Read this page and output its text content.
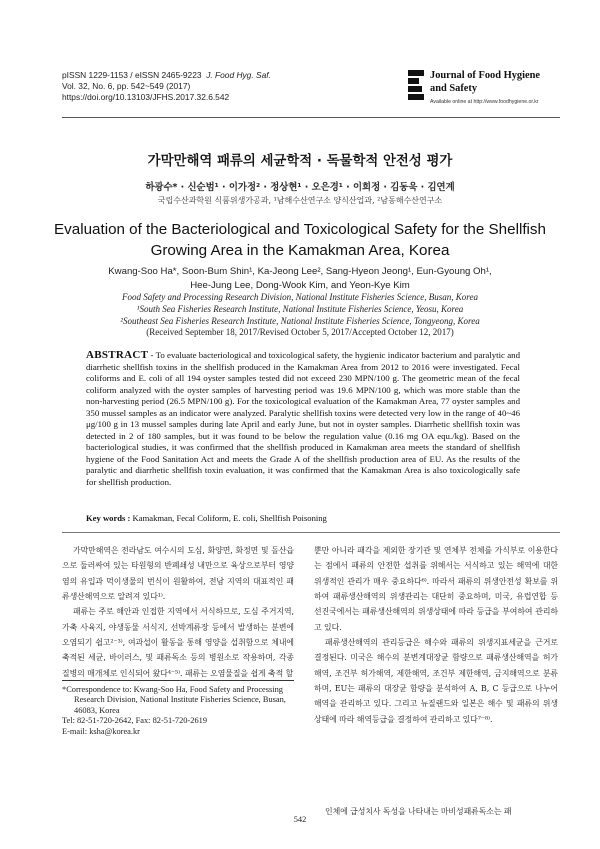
pISSN 1229-1153 / eISSN 2465-9223 J. Food Hyg. Saf.
Vol. 32, No. 6, pp. 542~549 (2017)
https://doi.org/10.13103/JFHS.2017.32.6.542
Journal of Food Hygiene
and Safety
Available online at http://www.foodhygiene.or.kr
가막만해역 패류의 세균학적 · 독물학적 안전성 평가
하광수* · 신순범¹ · 이가정² · 정상현¹ · 오은경¹ · 이희정 · 김동욱 · 김연계
국립수산과학원 식품위생가공과, ¹남해수산연구소 양식산업과, ²남동해수산연구소
Evaluation of the Bacteriological and Toxicological Safety for the Shellfish
Growing Area in the Kamakman Area, Korea
Kwang-Soo Ha*, Soon-Bum Shin¹, Ka-Jeong Lee², Sang-Hyeon Jeong¹, Eun-Gyoung Oh¹,
Hee-Jung Lee, Dong-Wook Kim, and Yeon-Kye Kim
Food Safety and Processing Research Division, National Institute Fisheries Science, Busan, Korea
¹South Sea Fisheries Research Institute, National Institute Fisheries Science, Yeosu, Korea
²Southeast Sea Fisheries Research Institute, National Institute Fisheries Science, Tongyeong, Korea
(Received September 18, 2017/Revised October 5, 2017/Accepted October 12, 2017)
ABSTRACT - To evaluate bacteriological and toxicological safety, the hygienic indicator bacterium and paralytic and diarrhetic shellfish toxins in the shellfish produced in the Kamakman Area from 2012 to 2016 were investigated. Fecal coliforms and E. coli of all 194 oyster samples tested did not exceed 230 MPN/100 g. The geometric mean of the fecal coliform analyzed with the oyster samples of harvesting period was 19.6 MPN/100 g, which was more stable than the non-harvesting period (26.5 MPN/100 g). For the toxicological evaluation of the Kamakman Area, 77 oyster samples and 350 mussel samples as an indicator were analyzed. Paralytic shellfish toxins were detected very low in the range of 40~46 μg/100 g in 13 mussel samples during late April and early June, but not in oyster samples. Diarrhetic shellfish toxin was detected in 2 of 180 samples, but it was found to be below the regulation value (0.16 mg OA equ./kg). Based on the bacteriological studies, it was confirmed that the shellfish produced in Kamakman area meets the standard of shellfish hygiene of the Food Sanitation Act and meets the Grade A of the shellfish production area of EU. As the results of the paralytic and diarrhetic shellfish toxin evaluation, it was confirmed that the Kamakman Area is also toxicologically safe for shellfish production.
Key words : Kamakman, Fecal Coliform, E. coli, Shellfish Poisoning

가막만해역은 전라남도 여수시의 도심, 화양면, 화정면 및 돌산읍으로 둘러싸여 있는 타원형의 반폐쇄성 내만으로 육상으로부터 영양염의 유입과 먹이생물의 번식이 원활하여, 전남 지역의 대표적인 패류생산해역으로 알려져 있다¹⁾.

패류는 주로 해안과 인접한 지역에서 서식하므로, 도심 주거지역, 가축 사육지, 야생동물 서식지, 선박계류장 등에서 발생하는 분변에 오염되기 쉽고²⁻³⁾, 여과섭이 활동을 통해 영양을 섭취함으로 체내에 축적된 세균, 바이러스, 및 패류독소 등의 병원소로 작용하며, 각종 질병의 매개체로 인식되어 왔다⁴⁻⁵⁾. 패류는 오염물질을 쉽게 축적 할

뿐만 아니라 패각을 제외한 장기관 및 연체부 전체를 가식부로 이용한다는 점에서 패류의 안전한 섭취를 위해서는 서식하고 있는 해역에 대한 위생적인 관리가 매우 중요하다⁶⁾. 따라서 패류의 위생안전성 확보를 위하여 패류생산해역의 위생관리는 대단히 중요하며, 미국, 유럽연합 등 선진국에서는 패류생산해역의 위생상태에 따라 등급을 부여하여 관리하고 있다.

패류생산해역의 관리등급은 해수와 패류의 위생지표세균을 근거로 결정된다. 미국은 해수의 분변계대장균 함량으로 패류생산해역을 허가해역, 조건부 허가해역, 제한해역, 조건부 제한해역, 금지해역으로 분류하며, EU는 패류의 대장균 함량을 분석하여 A, B, C 등급으로 나누어 해역을 관리하고 있다. 그리고 뉴질랜드와 일본은 해수 및 패류의 위생 상태에 따라 해역등급을 결정하여 관리하고 있다⁷⁻⁸⁾.

인체에 급성치사 독성을 나타내는 마비성패류독소는 패

*Correspondence to: Kwang-Soo Ha, Food Safety and Processing
Research Division, National Institute Fisheries Science, Busan,
46083, Korea
Tel: 82-51-720-2642, Fax: 82-51-720-2619
E-mail: ksha@korea.kr
542
